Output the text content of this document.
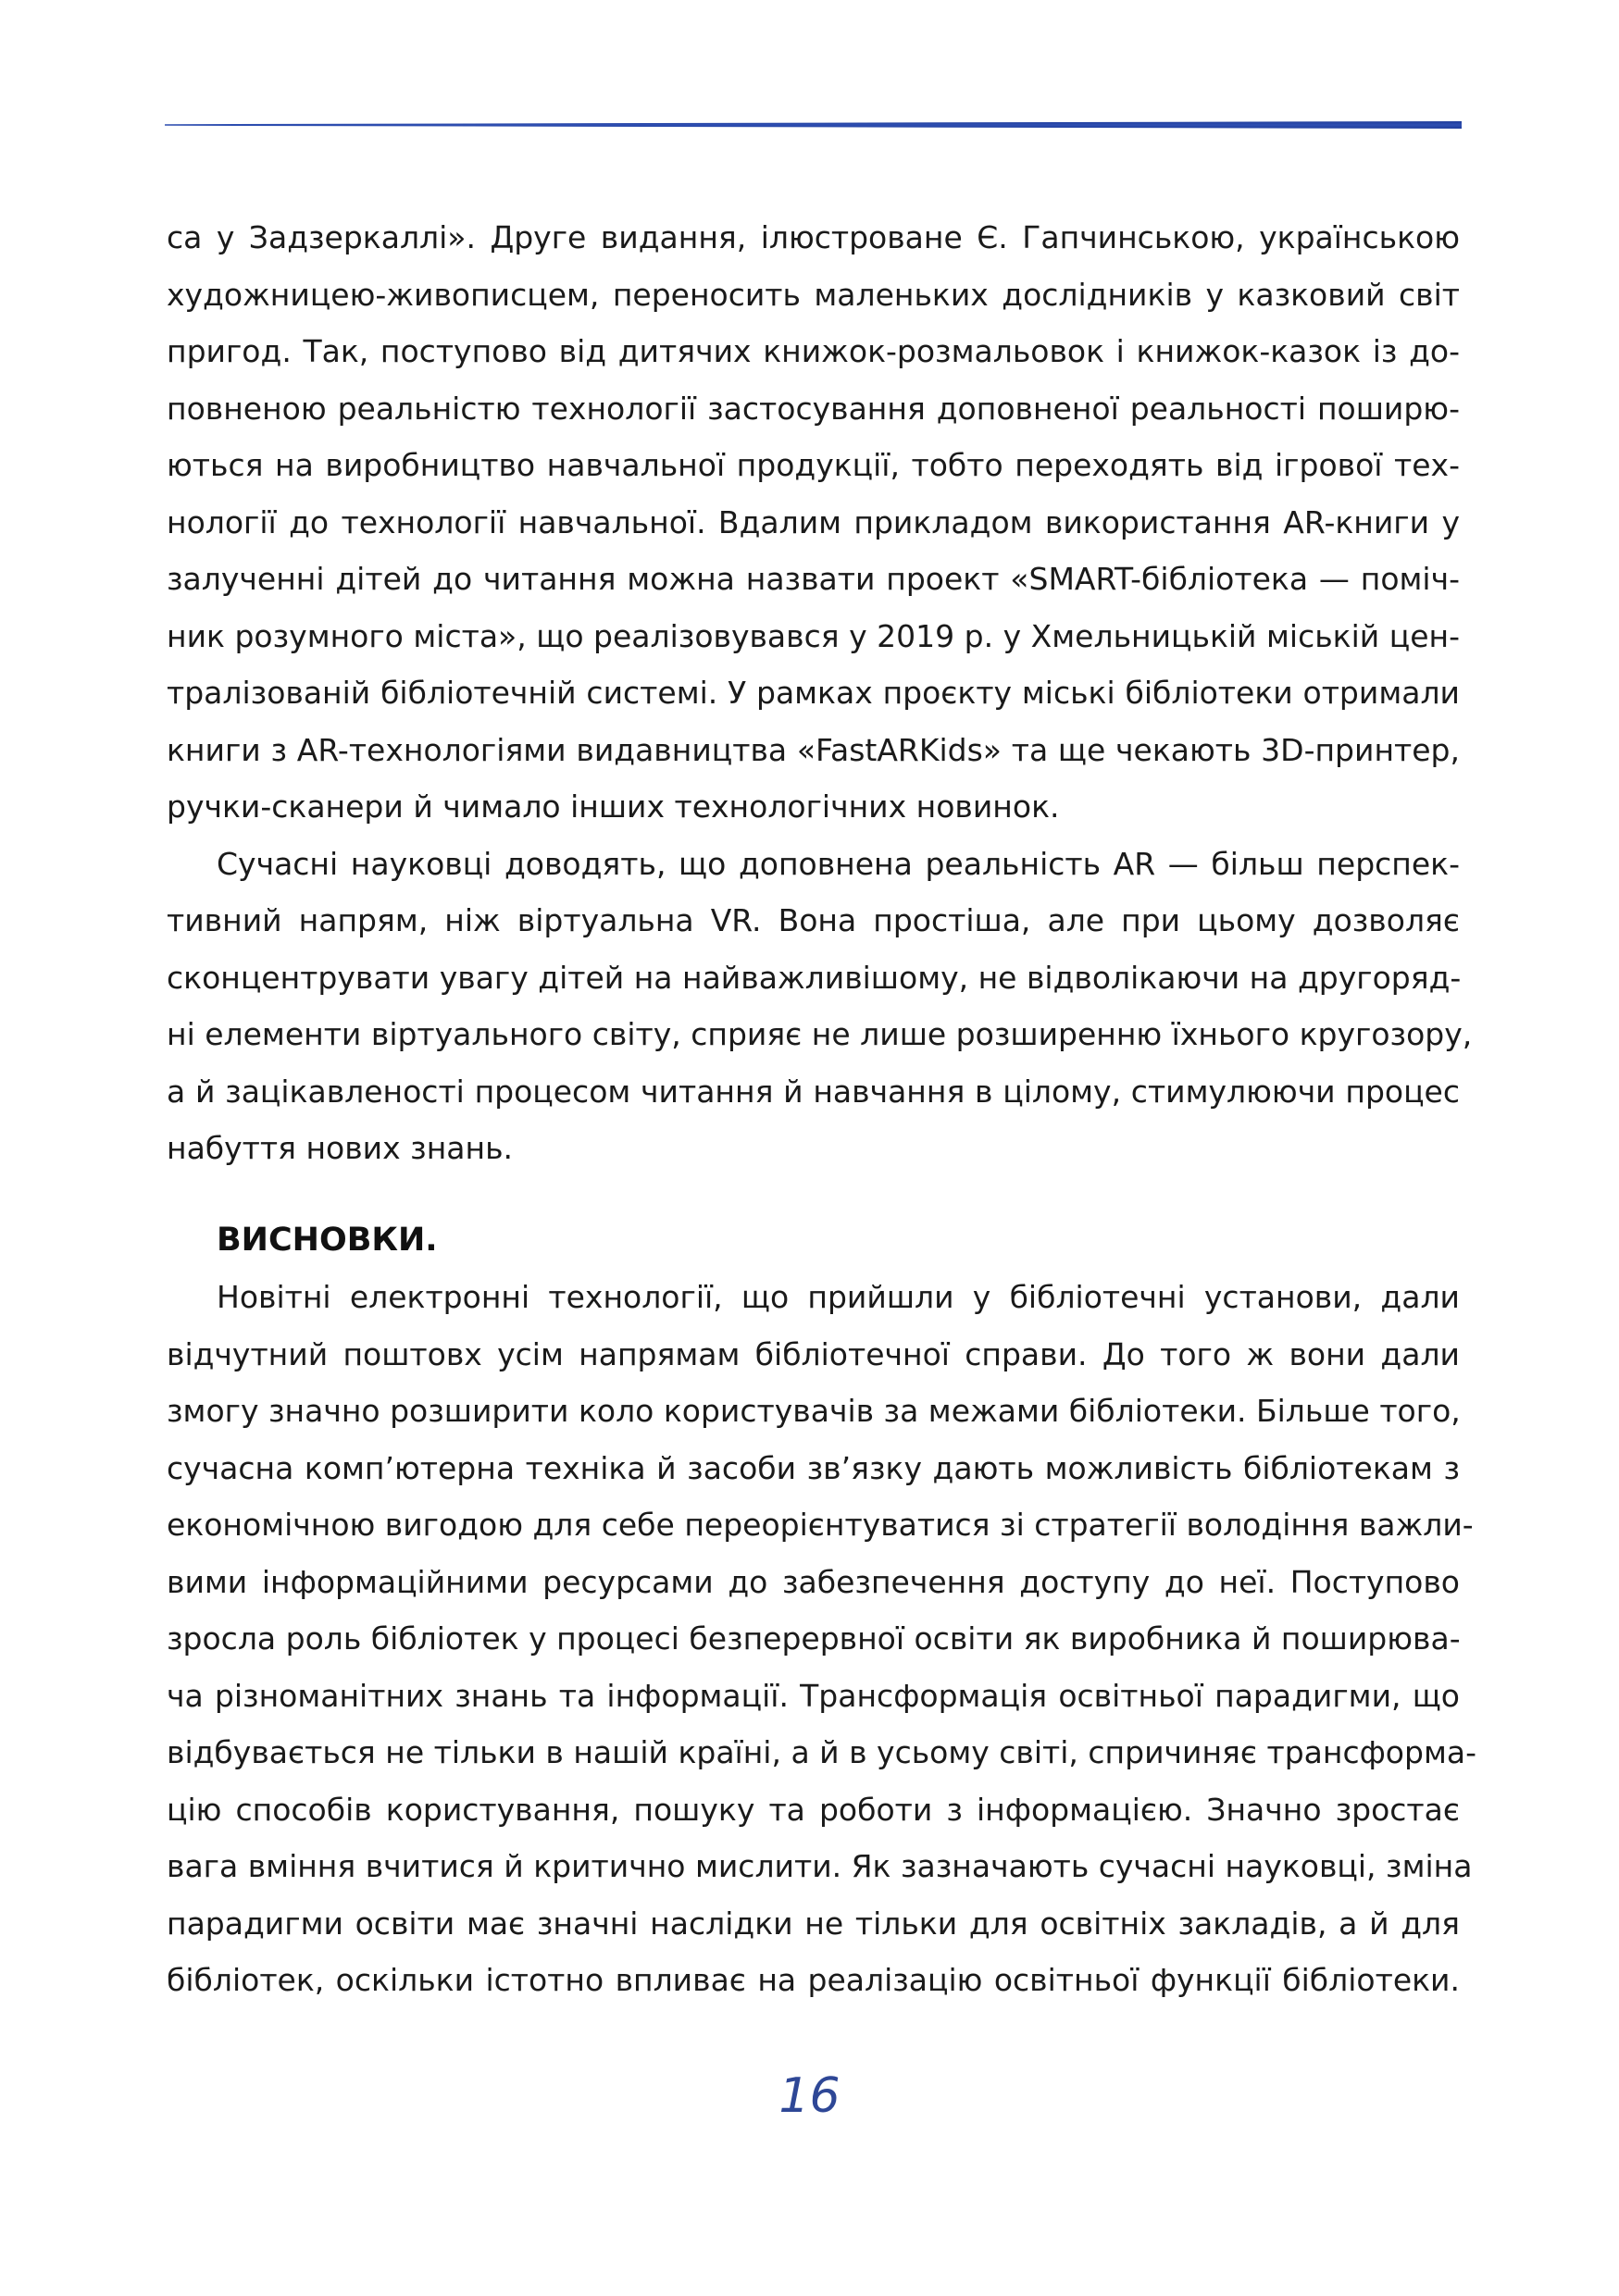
са у Задзеркаллі». Друге видання, ілюстроване Є. Гапчинською, українською
художницею-живописцем, переносить маленьких дослідників у казковий світ
пригод. Так, поступово від дитячих книжок-розмальовок і книжок-казок із до-
повненою реальністю технології застосування доповненої реальності поширю-
ються на виробництво навчальної продукції, тобто переходять від ігрової тех-
нології до технології навчальної. Вдалим прикладом використання AR-книги у
залученні дітей до читання можна назвати проект «SMART-бібліотека — поміч-
ник розумного міста», що реалізовувався у 2019 р. у Хмельницькій міській цен-
тралізованій бібліотечній системі. У рамках проєкту міські бібліотеки отримали
книги з AR-технологіями видавництва «FastARKids» та ще чекають 3D-принтер,
ручки-сканери й чимало інших технологічних новинок.
Сучасні науковці доводять, що доповнена реальність AR — більш перспек-
тивний напрям, ніж віртуальна VR. Вона простіша, але при цьому дозволяє
сконцентрувати увагу дітей на найважливішому, не відволікаючи на другоряд-
ні елементи віртуального світу, сприяє не лише розширенню їхнього кругозору,
а й зацікавленості процесом читання й навчання в цілому, стимулюючи процес
набуття нових знань.
ВИСНОВКИ.
Новітні електронні технології, що прийшли у бібліотечні установи, дали
відчутний поштовх усім напрямам бібліотечної справи. До того ж вони дали
змогу значно розширити коло користувачів за межами бібліотеки. Більше того,
сучасна комп’ютерна техніка й засоби зв’язку дають можливість бібліотекам з
економічною вигодою для себе переорієнтуватися зі стратегії володіння важли-
вими інформаційними ресурсами до забезпечення доступу до неї. Поступово
зросла роль бібліотек у процесі безперервної освіти як виробника й поширюва-
ча різноманітних знань та інформації. Трансформація освітньої парадигми, що
відбувається не тільки в нашій країні, а й в усьому світі, спричиняє трансформа-
цію способів користування, пошуку та роботи з інформацією. Значно зростає
вага вміння вчитися й критично мислити. Як зазначають сучасні науковці, зміна
парадигми освіти має значні наслідки не тільки для освітніх закладів, а й для
бібліотек, оскільки істотно впливає на реалізацію освітньої функції бібліотеки.
16
